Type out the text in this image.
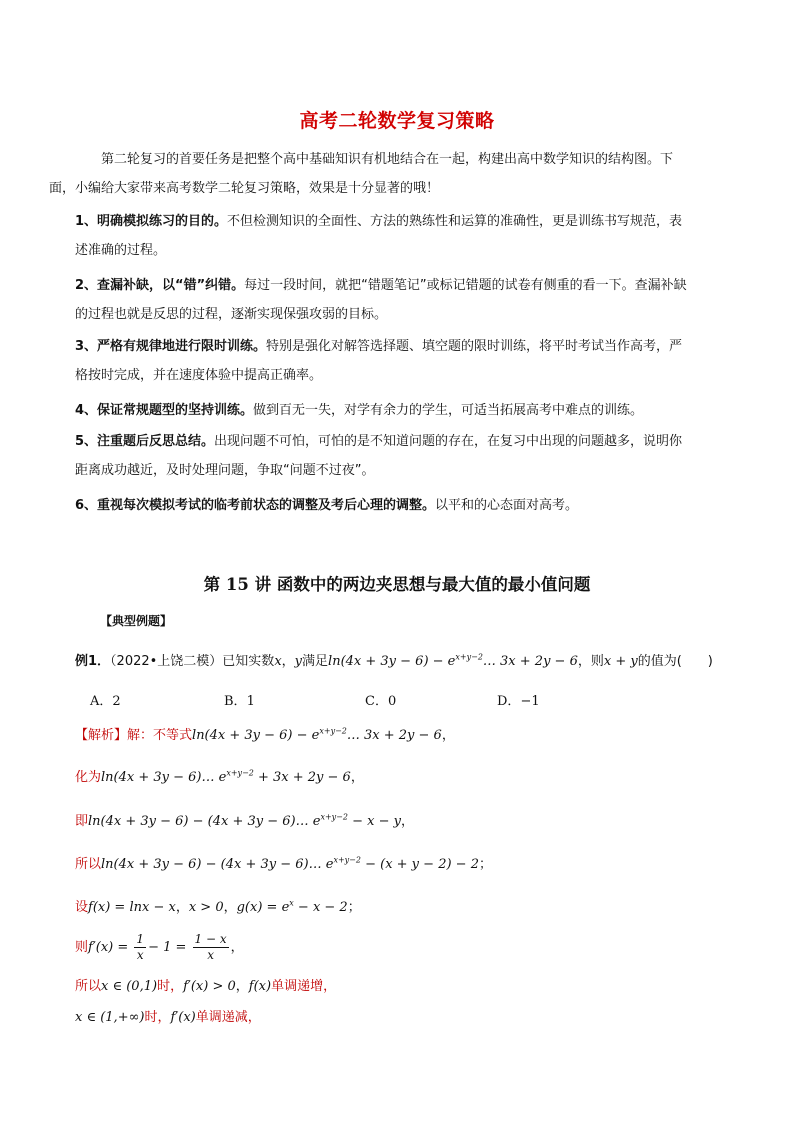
高考二轮数学复习策略
第二轮复习的首要任务是把整个高中基础知识有机地结合在一起，构建出高中数学知识的结构图。下
面，小编给大家带来高考数学二轮复习策略，效果是十分显著的哦！
1、明确模拟练习的目的。不但检测知识的全面性、方法的熟练性和运算的准确性，更是训练书写规范，表
述准确的过程。
2、查漏补缺，以“错”纠错。每过一段时间，就把“错题笔记”或标记错题的试卷有侧重的看一下。查漏补缺
的过程也就是反思的过程，逐渐实现保强攻弱的目标。
3、严格有规律地进行限时训练。特别是强化对解答选择题、填空题的限时训练，将平时考试当作高考，严
格按时完成，并在速度体验中提高正确率。
4、保证常规题型的坚持训练。做到百无一失，对学有余力的学生，可适当拓展高考中难点的训练。
5、注重题后反思总结。出现问题不可怕，可怕的是不知道问题的存在，在复习中出现的问题越多，说明你
距离成功越近，及时处理问题，争取“问题不过夜”。
6、重视每次模拟考试的临考前状态的调整及考后心理的调整。以平和的心态面对高考。
第 15 讲 函数中的两边夹思想与最大值的最小值问题
【典型例题】
例1．（2022•上饶二模）已知实数x，y满足$\ln(4x + 3y - 6) - e^{x+y-2}\dots$ 3x + 2y − 6，则x + y的值为(　　)
A．2	B．1	C．0	D．−1
【解析】解：不等式$\ln(4x + 3y - 6) - e^{x+y-2}\dots$ 3x + 2y − 6，
化为ln(4x + 3y − 6)… $e^{x+y-2} + 3x + 2y - 6$，
即ln(4x + 3y − 6) − (4x + 3y − 6)… $e^{x+y-2} - x - y$，
所以ln(4x + 3y − 6) − (4x + 3y − 6)… $e^{x+y-2} - (x + y - 2) - 2$；
设f(x) = lnx − x，x > 0，$g(x) = e^x - x - 2$；
则$f'(x) = \frac{1}{x} - 1 = \frac{1 - x}{x}$ ，
所以x ∈ (0,1)时，f′(x) > 0，f(x)单调递增，
x ∈ (1,+∞)时，f′(x)单调递减，
